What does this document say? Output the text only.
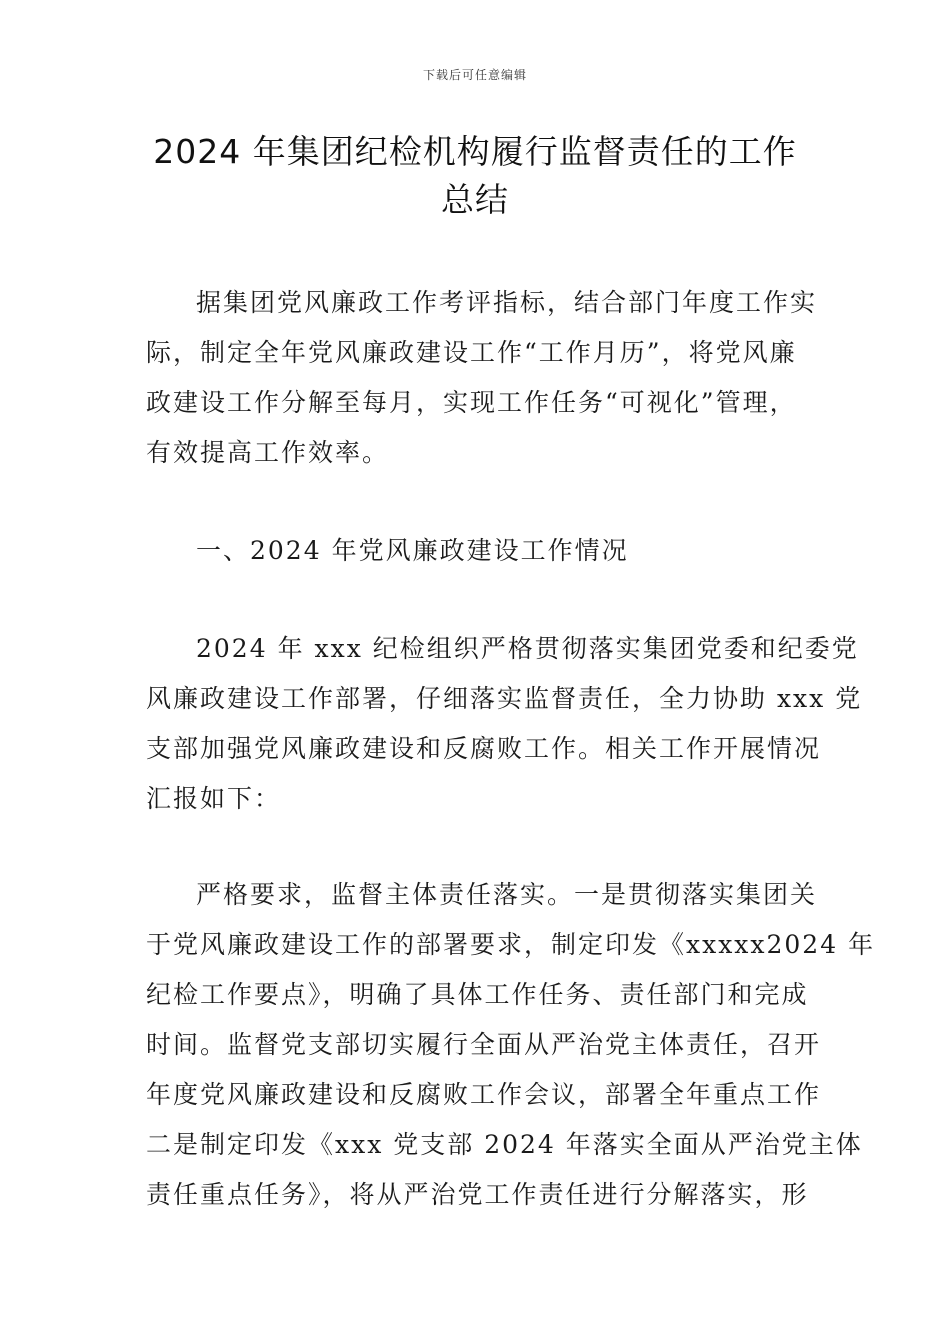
下载后可任意编辑
2024 年集团纪检机构履行监督责任的工作
总结
据集团党风廉政工作考评指标，结合部门年度工作实
际，制定全年党风廉政建设工作“工作月历”，将党风廉
政建设工作分解至每月，实现工作任务“可视化”管理，
有效提高工作效率。
一、2024 年党风廉政建设工作情况
2024 年 xxx 纪检组织严格贯彻落实集团党委和纪委党
风廉政建设工作部署，仔细落实监督责任，全力协助 xxx 党
支部加强党风廉政建设和反腐败工作。相关工作开展情况
汇报如下：
严格要求，监督主体责任落实。一是贯彻落实集团关
于党风廉政建设工作的部署要求，制定印发《xxxxx2024 年
纪检工作要点》，明确了具体工作任务、责任部门和完成
时间。监督党支部切实履行全面从严治党主体责任，召开
年度党风廉政建设和反腐败工作会议，部署全年重点工作
二是制定印发《xxx 党支部 2024 年落实全面从严治党主体
责任重点任务》，将从严治党工作责任进行分解落实，形
